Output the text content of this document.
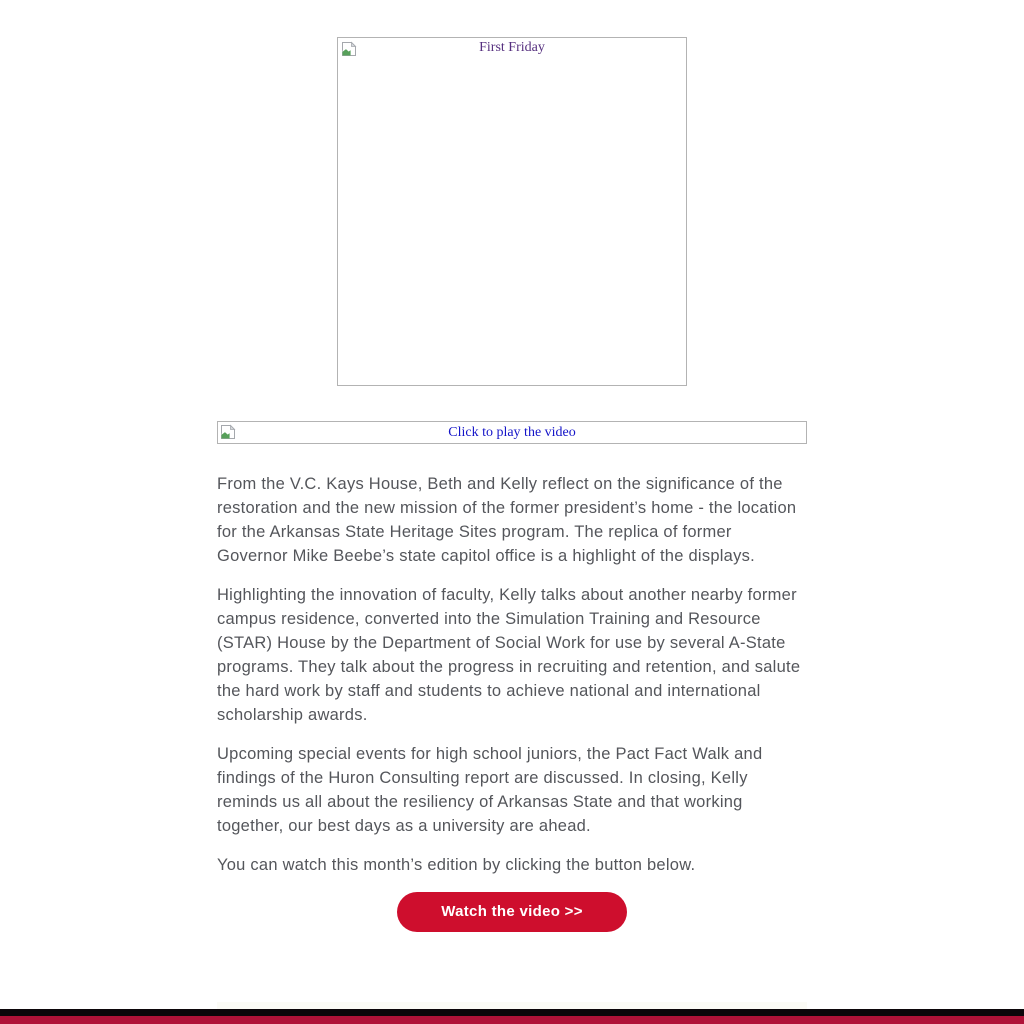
First Friday
Click to play the video

From the V.C. Kays House, Beth and Kelly reflect on the significance of the restoration and the new mission of the former president’s home - the location for the Arkansas State Heritage Sites program. The replica of former Governor Mike Beebe’s state capitol office is a highlight of the displays.

Highlighting the innovation of faculty, Kelly talks about another nearby former campus residence, converted into the Simulation Training and Resource (STAR) House by the Department of Social Work for use by several A-State programs. They talk about the progress in recruiting and retention, and salute the hard work by staff and students to achieve national and international scholarship awards.

Upcoming special events for high school juniors, the Pact Fact Walk and findings of the Huron Consulting report are discussed. In closing, Kelly reminds us all about the resiliency of Arkansas State and that working together, our best days as a university are ahead.

You can watch this month’s edition by clicking the button below.

Watch the video >>
